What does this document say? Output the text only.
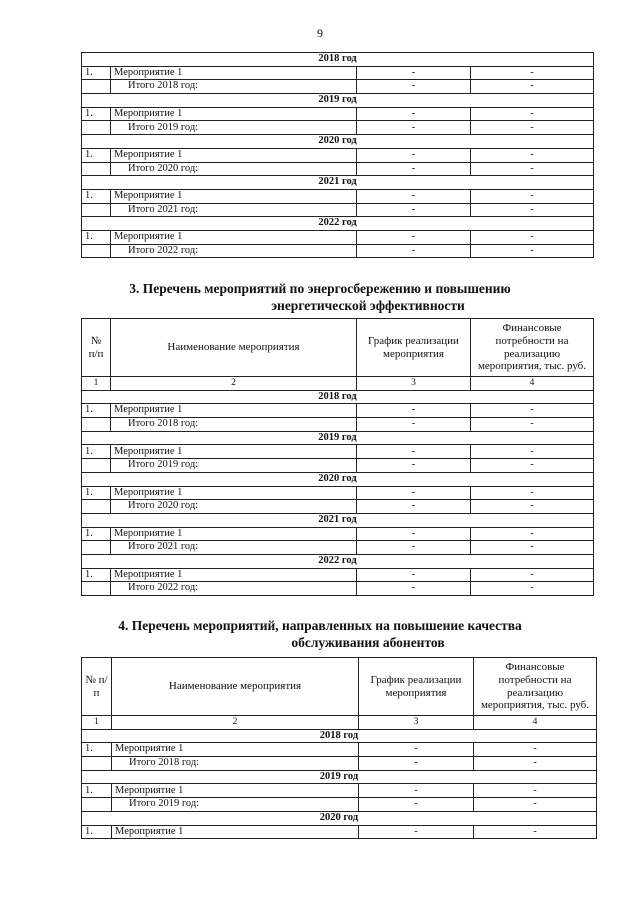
9
2018 год			
1.	Мероприятие 1	-	-
	Итого 2018 год:	-	-
2019 год			
1.	Мероприятие 1	-	-
	Итого 2019 год:	-	-
2020 год			
1.	Мероприятие 1	-	-
	Итого 2020 год:	-	-
2021 год			
1.	Мероприятие 1	-	-
	Итого 2021 год:	-	-
2022 год			
1.	Мероприятие 1	-	-
	Итого 2022 год:	-	-
3. Перечень мероприятий по энергосбережению и повышению
энергетической эффективности
№ п/п	Наименование мероприятия	График реализации мероприятия	Финансовые потребности на реализацию мероприятия, тыс. руб.
1	2	3	4
2018 год			
1.	Мероприятие 1	-	-
	Итого 2018 год:	-	-
2019 год			
1.	Мероприятие 1	-	-
	Итого 2019 год:	-	-
2020 год			
1.	Мероприятие 1	-	-
	Итого 2020 год:	-	-
2021 год			
1.	Мероприятие 1	-	-
	Итого 2021 год:	-	-
2022 год			
1.	Мероприятие 1	-	-
	Итого 2022 год:	-	-
4. Перечень мероприятий, направленных на повышение качества
обслуживания абонентов
№ п/п	Наименование мероприятия	График реализации мероприятия	Финансовые потребности на реализацию мероприятия, тыс. руб.
1	2	3	4
2018 год			
1.	Мероприятие 1	-	-
	Итого 2018 год:	-	-
2019 год			
1.	Мероприятие 1	-	-
	Итого 2019 год:	-	-
2020 год			
1.	Мероприятие 1	-	-
